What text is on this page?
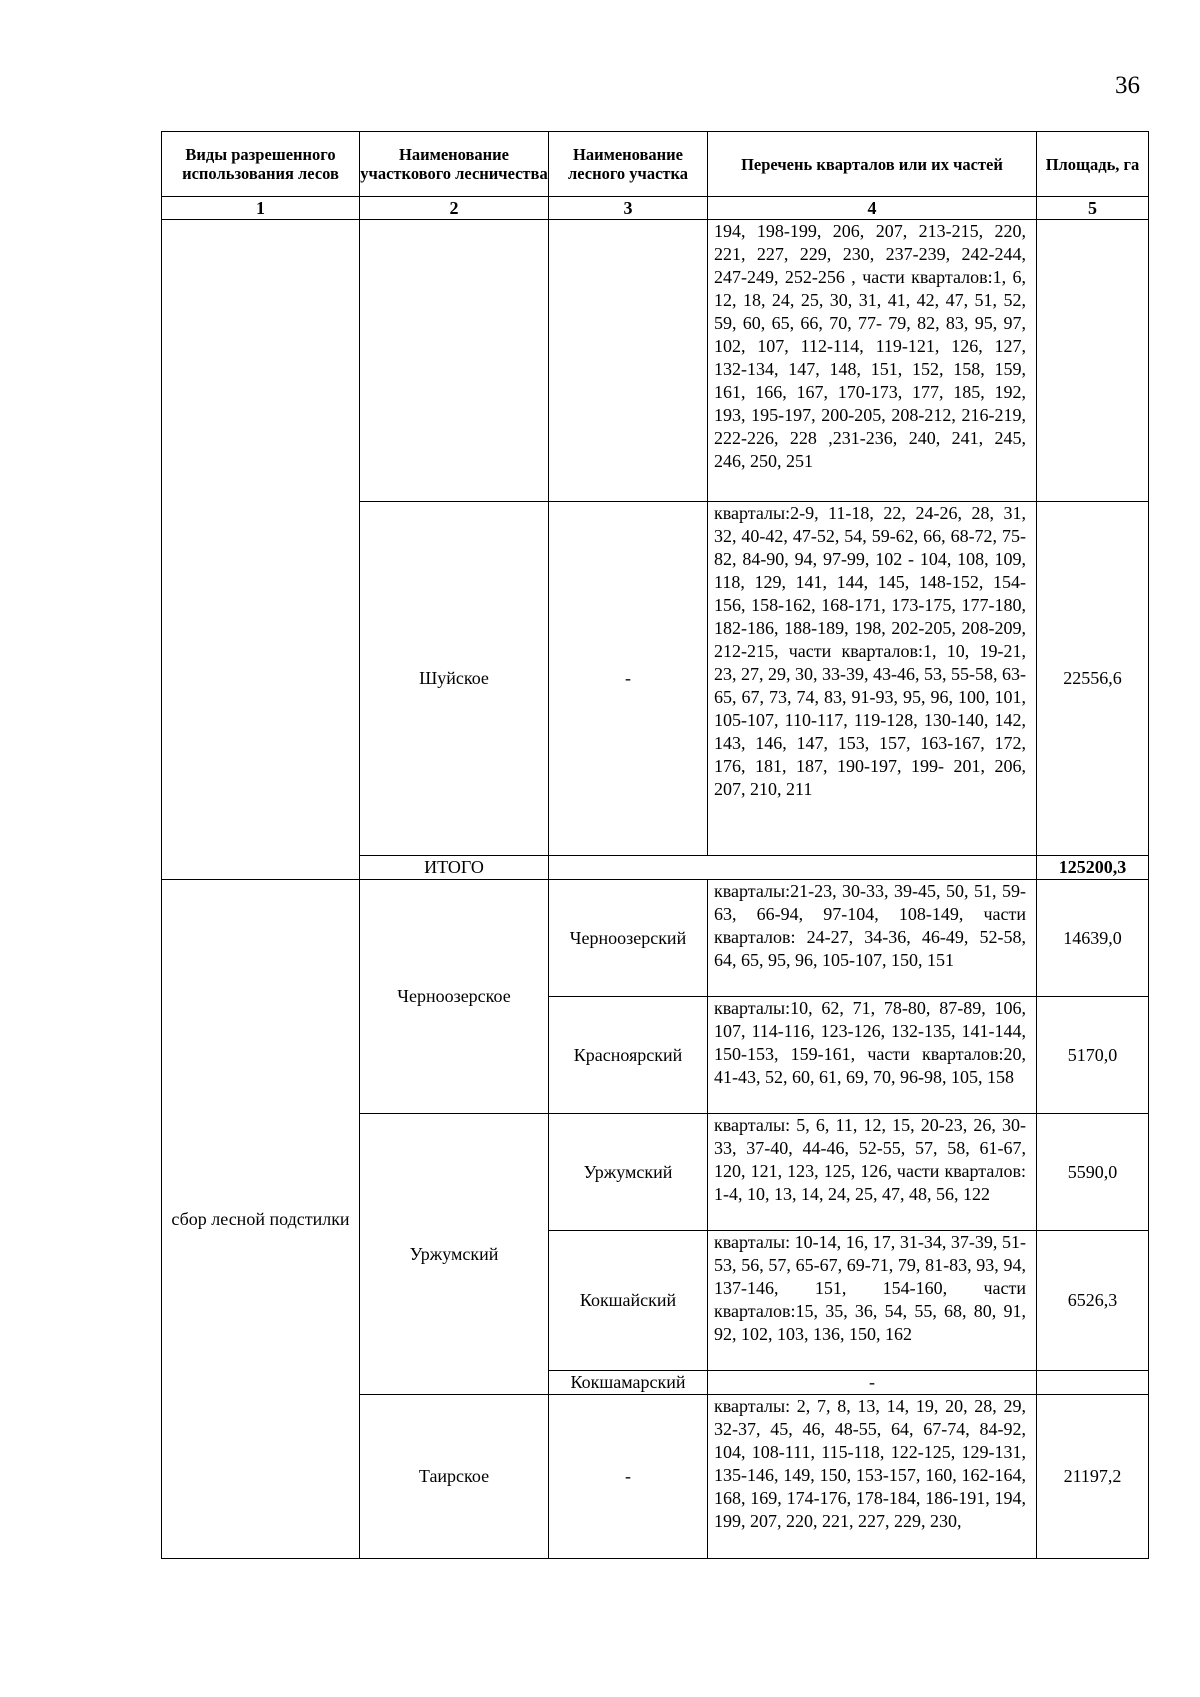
36
Виды разрешенного использования лесов	Наименование участкового лесничества	Наименование лесного участка	Перечень кварталов или их частей	Площадь, га
1	2	3	4	5
			194, 198-199, 206, 207, 213-215, 220, 221, 227, 229, 230, 237-239, 242-244, 247-249, 252-256 , части кварталов:1, 6, 12, 18, 24, 25, 30, 31, 41, 42, 47, 51, 52, 59, 60, 65, 66, 70, 77- 79, 82, 83, 95, 97, 102, 107, 112-114, 119-121, 126, 127, 132-134, 147, 148, 151, 152, 158, 159, 161, 166, 167, 170-173, 177, 185, 192, 193, 195-197, 200-205, 208-212, 216-219, 222-226, 228 ,231-236, 240, 241, 245, 246, 250, 251	
	Шуйское	-	кварталы:2-9, 11-18, 22, 24-26, 28, 31, 32, 40-42, 47-52, 54, 59-62, 66, 68-72, 75-82, 84-90, 94, 97-99, 102 - 104, 108, 109, 118, 129, 141, 144, 145, 148-152, 154-156, 158-162, 168-171, 173-175, 177-180, 182-186, 188-189, 198, 202-205, 208-209, 212-215, части кварталов:1, 10, 19-21, 23, 27, 29, 30, 33-39, 43-46, 53, 55-58, 63-65, 67, 73, 74, 83, 91-93, 95, 96, 100, 101, 105-107, 110-117, 119-128, 130-140, 142, 143, 146, 147, 153, 157, 163-167, 172, 176, 181, 187, 190-197, 199- 201, 206, 207, 210, 211	22556,6
	ИТОГО			125200,3
сбор лесной подстилки	Черноозерское	Черноозерский	кварталы:21-23, 30-33, 39-45, 50, 51, 59-63, 66-94, 97-104, 108-149, части кварталов: 24-27, 34-36, 46-49, 52-58, 64, 65, 95, 96, 105-107, 150, 151	14639,0
		Красноярский	кварталы:10, 62, 71, 78-80, 87-89, 106, 107, 114-116, 123-126, 132-135, 141-144, 150-153, 159-161, части кварталов:20, 41-43, 52, 60, 61, 69, 70, 96-98, 105, 158	5170,0
	Уржумский	Уржумский	кварталы: 5, 6, 11, 12, 15, 20-23, 26, 30-33, 37-40, 44-46, 52-55, 57, 58, 61-67, 120, 121, 123, 125, 126, части кварталов: 1-4, 10, 13, 14, 24, 25, 47, 48, 56, 122	5590,0
		Кокшайский	кварталы: 10-14, 16, 17, 31-34, 37-39, 51-53, 56, 57, 65-67, 69-71, 79, 81-83, 93, 94, 137-146, 151, 154-160, части кварталов:15, 35, 36, 54, 55, 68, 80, 91, 92, 102, 103, 136, 150, 162	6526,3
		Кокшамарский	-	
	Таирское	-	кварталы: 2, 7, 8, 13, 14, 19, 20, 28, 29, 32-37, 45, 46, 48-55, 64, 67-74, 84-92, 104, 108-111, 115-118, 122-125, 129-131, 135-146, 149, 150, 153-157, 160, 162-164, 168, 169, 174-176, 178-184, 186-191, 194, 199, 207, 220, 221, 227, 229, 230,	21197,2
